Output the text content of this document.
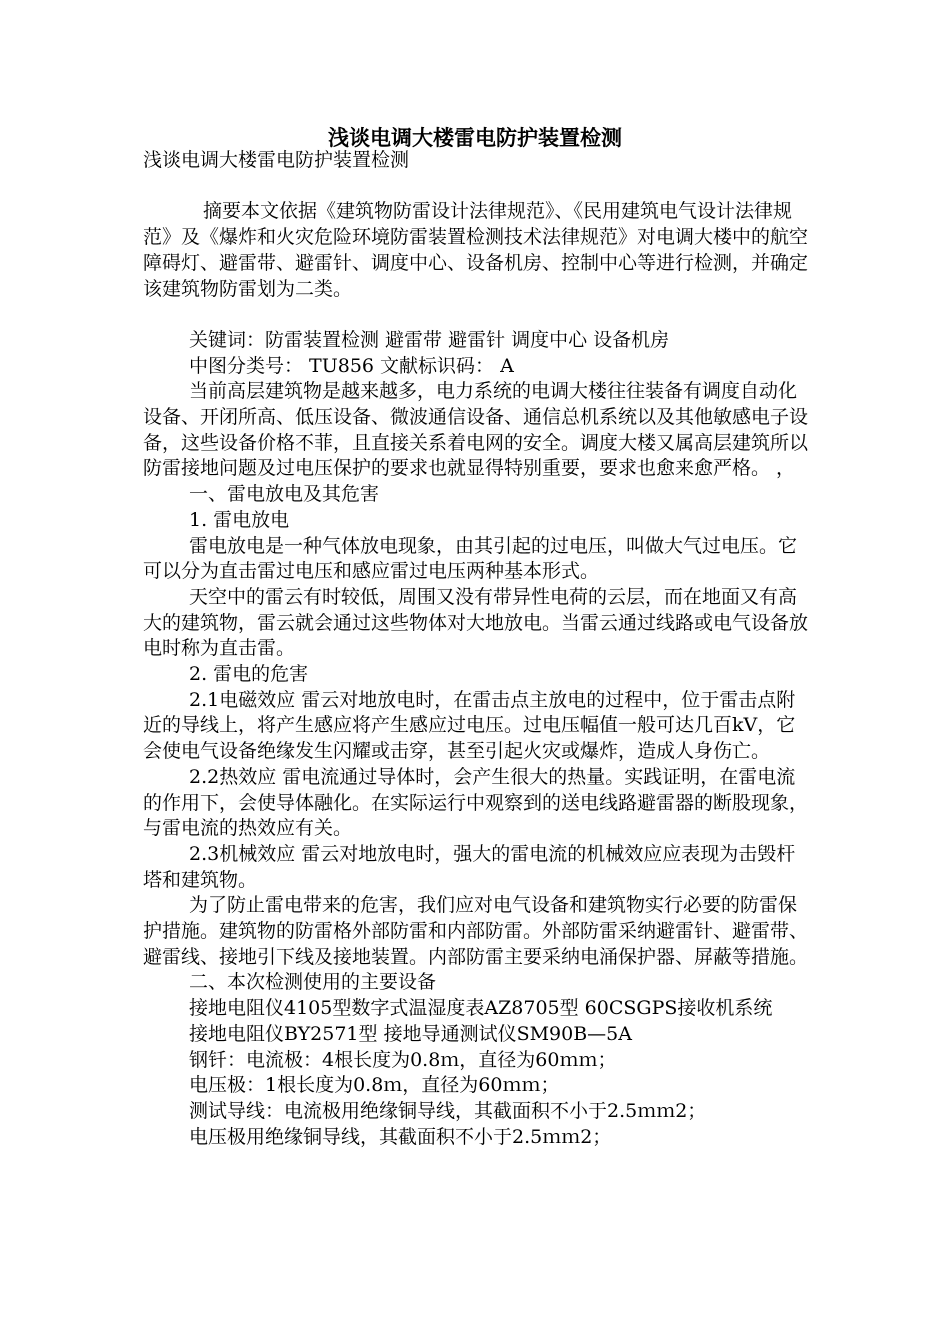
浅谈电调大楼雷电防护装置检测

浅谈电调大楼雷电防护装置检测

摘要本文依据《建筑物防雷设计法律规范》、《民用建筑电气设计法律规范》及《爆炸和火灾危险环境防雷装置检测技术法律规范》对电调大楼中的航空障碍灯、避雷带、避雷针、调度中心、设备机房、控制中心等进行检测，并确定该建筑物防雷划为二类。

关键词：防雷装置检测 避雷带 避雷针 调度中心 设备机房

中图分类号： TU856 文献标识码： A

当前高层建筑物是越来越多，电力系统的电调大楼往往装备有调度自动化设备、开闭所高、低压设备、微波通信设备、通信总机系统以及其他敏感电子设备，这些设备价格不菲，且直接关系着电网的安全。调度大楼又属高层建筑所以防雷接地问题及过电压保护的要求也就显得特别重要，要求也愈来愈严格。 ，

一、雷电放电及其危害

1. 雷电放电

雷电放电是一种气体放电现象，由其引起的过电压，叫做大气过电压。它可以分为直击雷过电压和感应雷过电压两种基本形式。

天空中的雷云有时较低，周围又没有带异性电荷的云层，而在地面又有高大的建筑物，雷云就会通过这些物体对大地放电。当雷云通过线路或电气设备放电时称为直击雷。

2. 雷电的危害

2.1电磁效应 雷云对地放电时，在雷击点主放电的过程中，位于雷击点附近的导线上，将产生感应将产生感应过电压。过电压幅值一般可达几百kV，它会使电气设备绝缘发生闪耀或击穿，甚至引起火灾或爆炸，造成人身伤亡。

2.2热效应 雷电流通过导体时，会产生很大的热量。实践证明，在雷电流的作用下，会使导体融化。在实际运行中观察到的送电线路避雷器的断股现象，与雷电流的热效应有关。

2.3机械效应 雷云对地放电时，强大的雷电流的机械效应应表现为击毁杆塔和建筑物。

为了防止雷电带来的危害，我们应对电气设备和建筑物实行必要的防雷保护措施。建筑物的防雷格外部防雷和内部防雷。外部防雷采纳避雷针、避雷带、避雷线、接地引下线及接地装置。内部防雷主要采纳电涌保护器、屏蔽等措施。

二、本次检测使用的主要设备

接地电阻仪4105型数字式温湿度表AZ8705型 60CSGPS接收机系统

接地电阻仪BY2571型 接地导通测试仪SM90B—5A

钢钎：电流极：4根长度为0.8ｍ，直径为60ｍｍ；

电压极：1根长度为0.8ｍ，直径为60ｍｍ；

测试导线：电流极用绝缘铜导线，其截面积不小于2.5ｍｍ2；

电压极用绝缘铜导线，其截面积不小于2.5ｍｍ2；
